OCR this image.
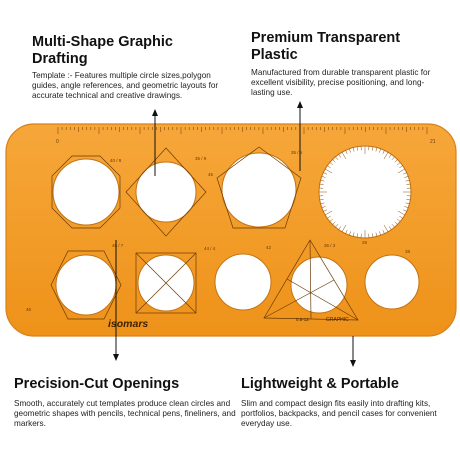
0	21
40 / 8	35 / 9
35 / 5
46 / 7
44 / 4	42	36 / 3
38
28
46
45
isomars	0.5-12	GRAPHIC
Multi-Shape Graphic Drafting
Template :- Features multiple circle sizes,polygon guides, angle references, and geometric layouts for accurate technical and creative drawings.
Premium Transparent Plastic
Manufactured from durable transparent plastic for excellent visibility, precise positioning, and long-lasting use.
Precision-Cut Openings
Smooth, accurately cut templates produce clean circles and geometric shapes with pencils, technical pens, fineliners, and markers.
Lightweight & Portable
Slim and compact design fits easily into drafting kits, portfolios, backpacks, and pencil cases for convenient everyday use.
